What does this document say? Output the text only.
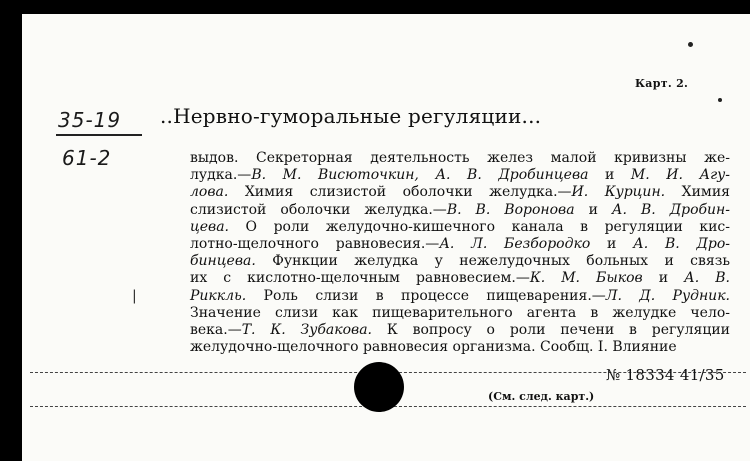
Карт. 2.
35-19
61-2
..Нервно-гуморальные регуляции...
выдов. Секреторная деятельность желез малой кривизны же-
лудка.—В. М. Висюточкин, А. В. Дробинцева и М. И. Агу-
лова. Химия слизистой оболочки желудка.—И. Курцин. Химия
слизистой оболочки желудка.—В. В. Воронова и А. В. Дробин-
цева. О роли желудочно-кишечного канала в регуляции кис-
лотно-щелочного равновесия.—А. Л. Безбородко и А. В. Дро-
бинцева. Функции желудка у нежелудочных больных и связь
их с кислотно-щелочным равновесием.—К. М. Быков и А. В.
Риккль. Роль слизи в процессе пищеварения.—Л. Д. Рудник.
Значение слизи как пищеварительного агента в желудке чело-
века.—Т. К. Зубакова. К вопросу о роли печени в регуляции
желудочно-щелочного равновесия организма. Сообщ. I. Влияние
|
№ 18334 41/35
(См. след. карт.)
